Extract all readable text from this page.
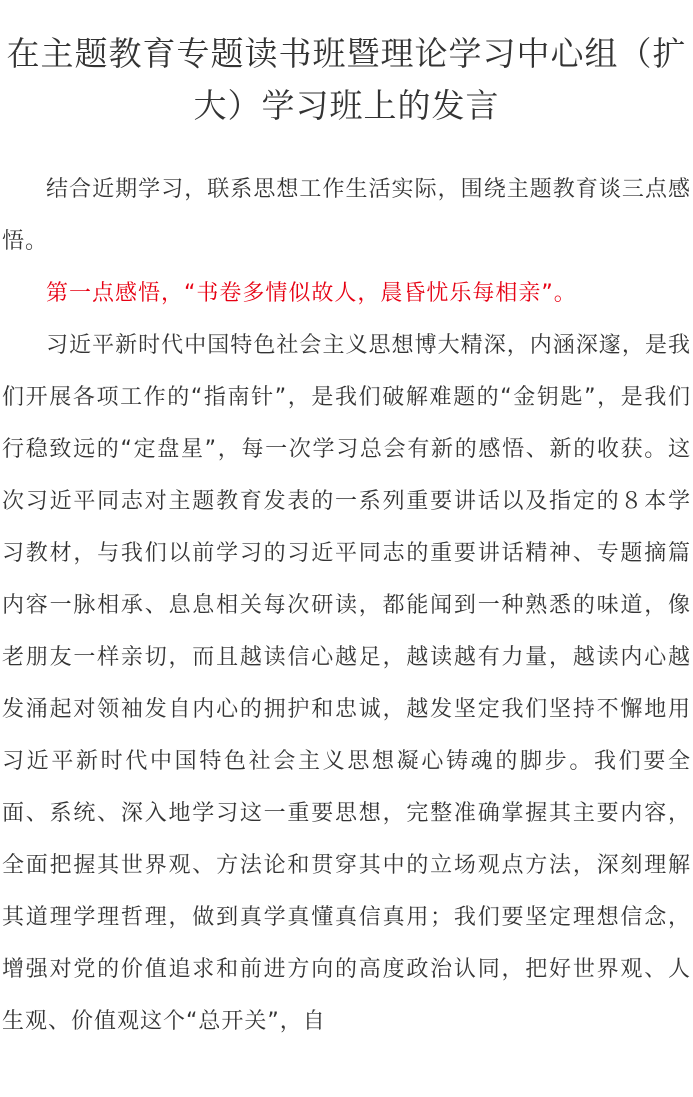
在主题教育专题读书班暨理论学习中心组（扩大）学习班上的发言

结合近期学习，联系思想工作生活实际，围绕主题教育谈三点感悟。

第一点感悟，“书卷多情似故人，晨昏忧乐每相亲”。

习近平新时代中国特色社会主义思想博大精深，内涵深邃，是我们开展各项工作的“指南针”，是我们破解难题的“金钥匙”，是我们行稳致远的“定盘星”，每一次学习总会有新的感悟、新的收获。这次习近平同志对主题教育发表的一系列重要讲话以及指定的８本学习教材，与我们以前学习的习近平同志的重要讲话精神、专题摘篇内容一脉相承、息息相关每次研读，都能闻到一种熟悉的味道，像老朋友一样亲切，而且越读信心越足，越读越有力量，越读内心越发涌起对领袖发自内心的拥护和忠诚，越发坚定我们坚持不懈地用习近平新时代中国特色社会主义思想凝心铸魂的脚步。我们要全面、系统、深入地学习这一重要思想，完整准确掌握其主要内容，全面把握其世界观、方法论和贯穿其中的立场观点方法，深刻理解其道理学理哲理，做到真学真懂真信真用；我们要坚定理想信念，增强对党的价值追求和前进方向的高度政治认同，把好世界观、人生观、价值观这个“总开关”，自
